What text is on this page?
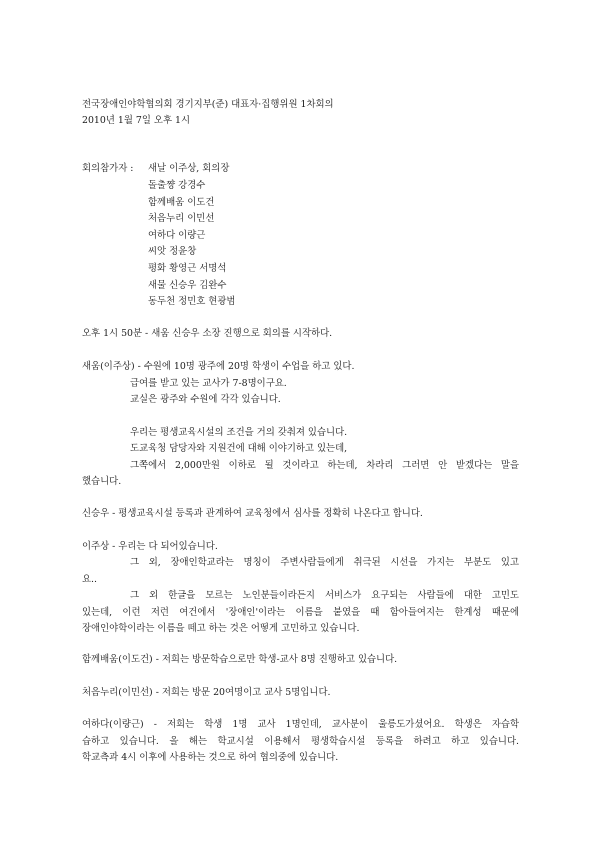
전국장애인야학협의회 경기지부(준) 대표자·집행위원 1차회의
2010년 1월 7일 오후 1시
회의참가자 : 새날 이주상, 회의장
돌출쨩 강경수
함께배움 이도건
처음누리 이민선
여하다 이량근
씨앗 정윤창
평화 황영근 서명석
새물 신승우 김완수
동두천 정민호 현광범
오후 1시 50분 - 새움 신승우 소장 진행으로 회의를 시작하다.
새움(이주상) - 수원에 10명 광주에 20명 학생이 수업을 하고 있다.
급여를 받고 있는 교사가 7-8명이구요.
교실은 광주와 수원에 각각 있습니다.
우리는 평생교육시설의 조건을 거의 갖춰져 있습니다.
도교육청 담당자와 지원건에 대해 이야기하고 있는데,
그쪽에서 2,000만원 이하로 될 것이라고 하는데, 차라리 그러면 안 받겠다는 말을
했습니다.
신승우 - 평생교육시설 등록과 관계하여 교육청에서 심사를 정확히 나온다고 합니다.
이주상 - 우리는 다 되어있습니다.
그 외, 장애인학교라는 명칭이 주변사람들에게 취극된 시선을 가지는 부분도 있고
요..
그 외 한글을 모르는 노인분들이라든지 서비스가 요구되는 사람들에 대한 고민도
있는데, 이런 저런 여건에서 '장애인'이라는 이름을 붙였을 때 함아들여지는 한계성 때문에
장애인야학이라는 이름을 떼고 하는 것은 어떻게 고민하고 있습니다.
함께배움(이도건) - 저희는 방문학습으로만 학생-교사 8명 진행하고 있습니다.
처음누리(이민선) - 저희는 방문 20여명이고 교사 5명입니다.
여하다(이량근) - 저희는 학생 1명 교사 1명인데, 교사분이 울릉도가셨어요. 학생은 자습학
습하고 있습니다. 올 해는 학교시설 이용해서 평생학습시설 등록을 하려고 하고 있습니다.
학교측과 4시 이후에 사용하는 것으로 하여 협의중에 있습니다.
